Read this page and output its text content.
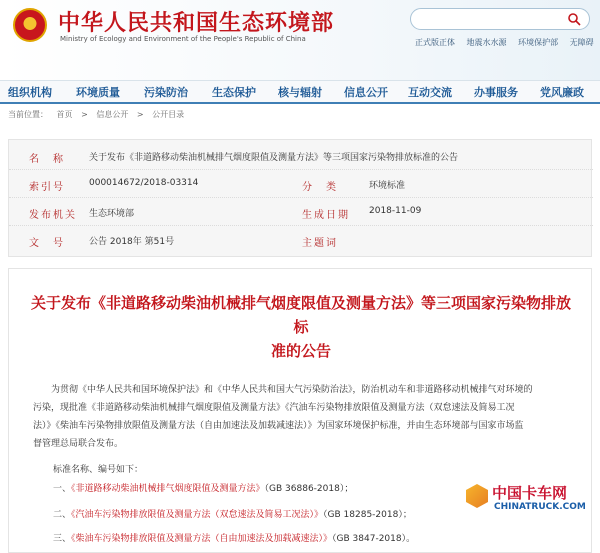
中华人民共和国生态环境部
Ministry of Ecology and Environment of the People's Republic of China	正式版正体 地震水水源 环境保护部 无障碍
组织机构 环境质量 污染防治 生态保护 核与辐射 信息公开 互动交流 办事服务 党风廉政
当前位置： 首页 > 信息公开 > 公开目录
名　称	关于发布《非道路移动柴油机械排气烟度限值及测量方法》等三项国家污染物排放标准的公告
索引号	000014672/2018-03314	分　类	环境标准
发布机关 生态环境部	生成日期 2018-11-09
文　号	公告 2018年 第51号	主题词
关于发布《非道路移动柴油机械排气烟度限值及测量方法》等三项国家污染物排放标
准的公告
为贯彻《中华人民共和国环境保护法》和《中华人民共和国大气污染防治法》，防治机动车和非道路移动机械排气对环境的
污染，现批准《非道路移动柴油机械排气烟度限值及测量方法》《汽油车污染物排放限值及测量方法（双怠速法及简易工况
法）》《柴油车污染物排放限值及测量方法（自由加速法及加载减速法）》为国家环境保护标准，并由生态环境部与国家市场监
督管理总局联合发布。
标准名称、编号如下：
一、《非道路移动柴油机械排气烟度限值及测量方法》（GB 36886-2018）；
二、《汽油车污染物排放限值及测量方法（双怠速法及简易工况法）》（GB 18285-2018）；
三、《柴油车污染物排放限值及测量方法（自由加速法及加载减速法）》（GB 3847-2018）。
中国卡车网
CHINATRUCK.COM
